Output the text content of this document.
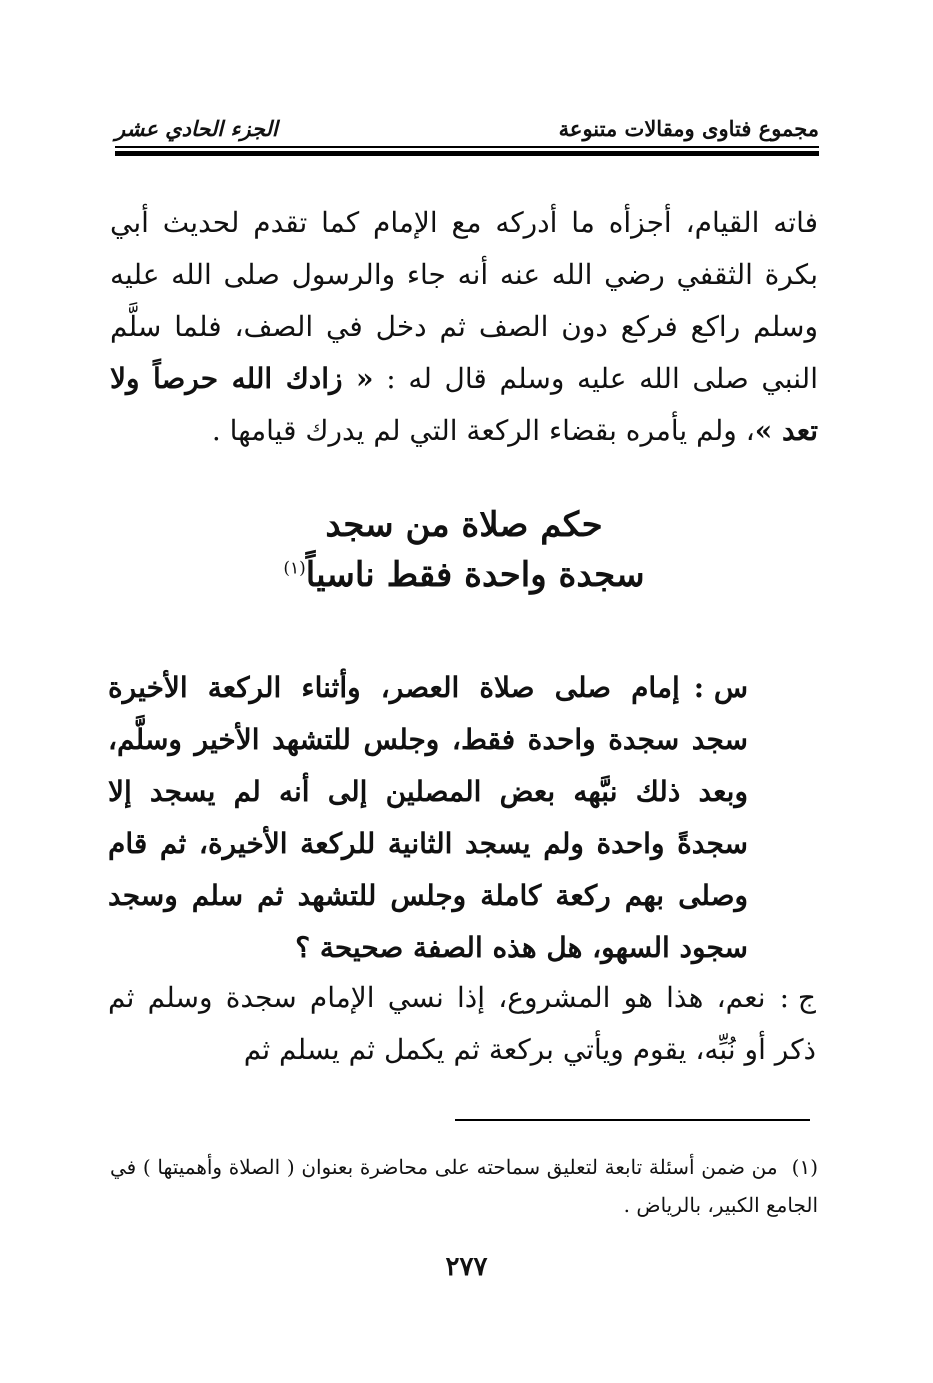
الجزء الحادي عشر	مجموع فتاوى ومقالات متنوعة
فاته القيام، أجزأه ما أدركه مع الإمام كما تقدم لحديث أبي بكرة الثقفي رضي الله عنه أنه جاء والرسول صلى الله عليه وسلم راكع فركع دون الصف ثم دخل في الصف، فلما سلَّم النبي صلى الله عليه وسلم قال له : « زادك الله حرصاً ولا تعد »، ولم يأمره بقضاء الركعة التي لم يدرك قيامها .
حكم صلاة من سجد
سجدة واحدة فقط ناسياً$^{(١)}$
س :إمام صلى صلاة العصر، وأثناء الركعة الأخيرة سجد سجدة واحدة فقط، وجلس للتشهد الأخير وسلَّم، وبعد ذلك نبَّهه بعض المصلين إلى أنه لم يسجد إلا سجدةً واحدة ولم يسجد الثانية للركعة الأخيرة، ثم قام وصلى بهم ركعة كاملة وجلس للتشهد ثم سلم وسجد سجود السهو، هل هذه الصفة صحيحة ؟
ج :نعم، هذا هو المشروع، إذا نسي الإمام سجدة وسلم ثم ذكر أو نُبِّه، يقوم ويأتي بركعة ثم يكمل ثم يسلم ثم
(١)من ضمن أسئلة تابعة لتعليق سماحته على محاضرة بعنوان ( الصلاة وأهميتها ) في الجامع الكبير، بالرياض .
٢٧٧
